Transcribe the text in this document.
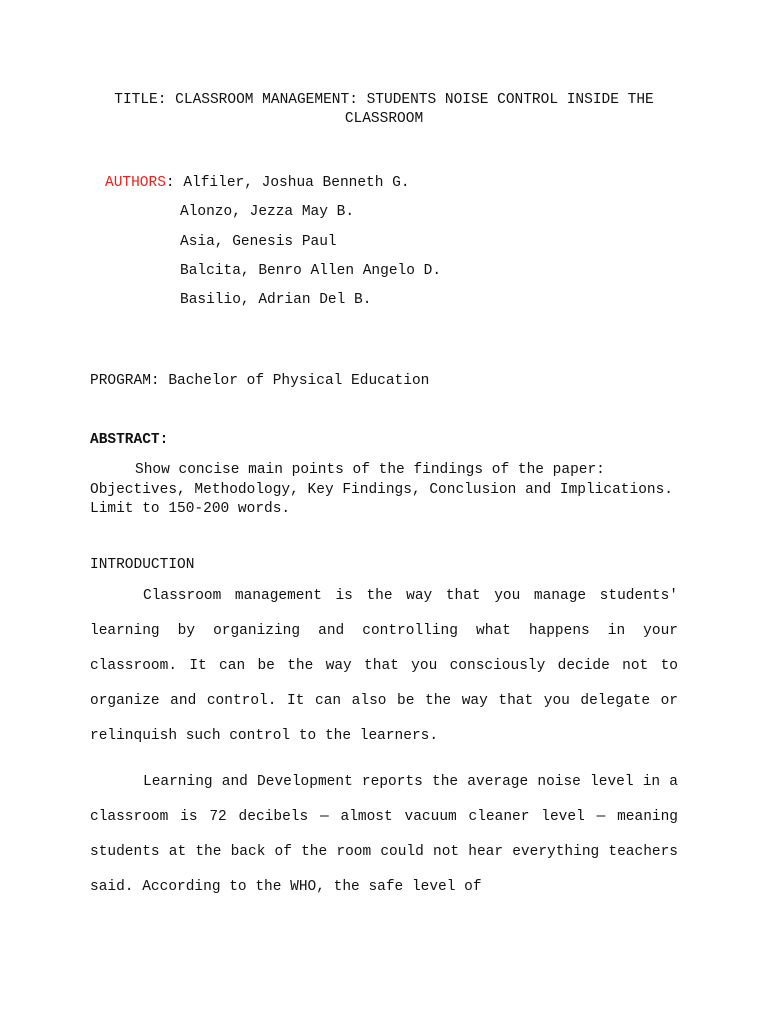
TITLE: CLASSROOM MANAGEMENT: STUDENTS NOISE CONTROL INSIDE THE CLASSROOM
AUTHORS: Alfiler, Joshua Benneth G.
Alonzo, Jezza May B.
Asia, Genesis Paul
Balcita, Benro Allen Angelo D.
Basilio, Adrian Del B.
PROGRAM: Bachelor of Physical Education
ABSTRACT:
Show concise main points of the findings of the paper: Objectives, Methodology, Key Findings, Conclusion and Implications. Limit to 150-200 words.
INTRODUCTION

Classroom management is the way that you manage students' learning by organizing and controlling what happens in your classroom. It can be the way that you consciously decide not to organize and control. It can also be the way that you delegate or relinquish such control to the learners.

Learning and Development reports the average noise level in a classroom is 72 decibels — almost vacuum cleaner level — meaning students at the back of the room could not hear everything teachers said. According to the WHO, the safe level of
